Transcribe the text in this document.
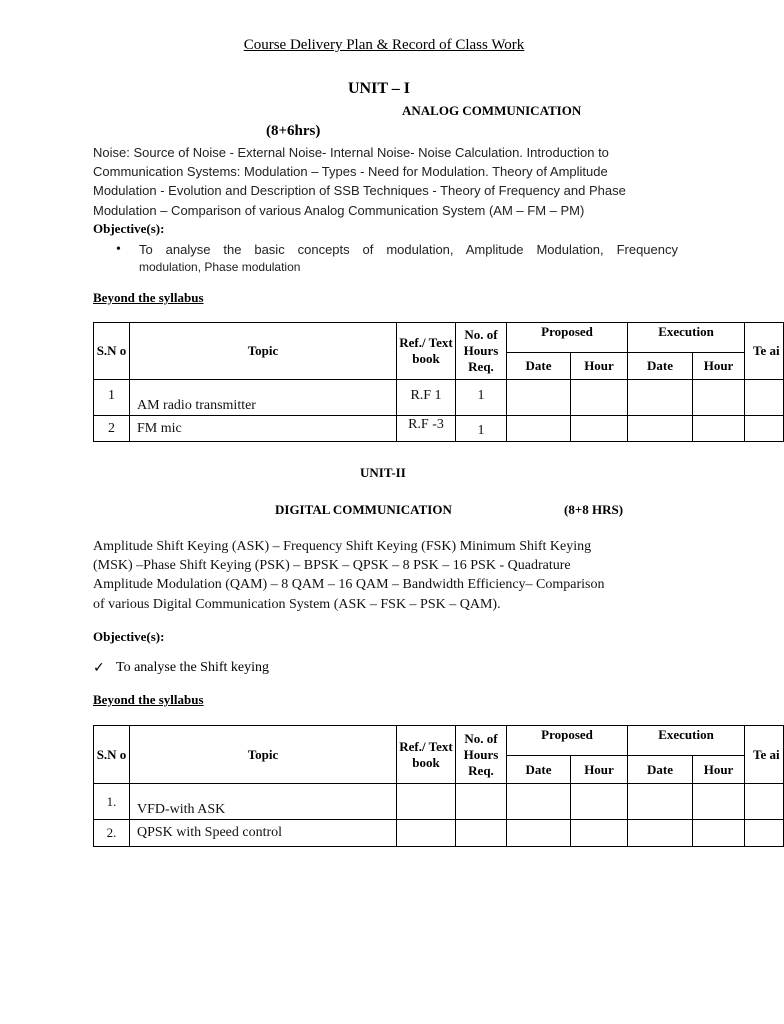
Course Delivery Plan & Record of Class Work
UNIT – I
ANALOG COMMUNICATION
(8+6hrs)
Noise: Source of Noise - External Noise- Internal Noise- Noise Calculation. Introduction to
Communication Systems: Modulation – Types - Need for Modulation. Theory of Amplitude
Modulation - Evolution and Description of SSB Techniques - Theory of Frequency and Phase
Modulation – Comparison of various Analog Communication System (AM – FM – PM)
Objective(s):
• To analyse the basic concepts of modulation, Amplitude Modulation, Frequency
modulation, Phase modulation
Beyond the syllabus
S.N o	Topic	Ref./ Text book	No. of Hours Req.	Proposed		Execution		Te ai
				Date	Hour	Date	Hour	
1	AM radio transmitter	R.F 1	1					
2	FM mic	R.F -3	1					
UNIT-II
DIGITAL COMMUNICATION	(8+8 HRS)
Amplitude Shift Keying (ASK) – Frequency Shift Keying (FSK) Minimum Shift Keying
(MSK) –Phase Shift Keying (PSK) – BPSK – QPSK – 8 PSK – 16 PSK - Quadrature
Amplitude Modulation (QAM) – 8 QAM – 16 QAM – Bandwidth Efficiency– Comparison
of various Digital Communication System (ASK – FSK – PSK – QAM).
Objective(s):
✓ To analyse the Shift keying
Beyond the syllabus
S.N o	Topic	Ref./ Text book	No. of Hours Req.	Proposed		Execution		Te ai
				Date	Hour	Date	Hour	
1.	VFD-with ASK							
2.	QPSK with Speed control							
